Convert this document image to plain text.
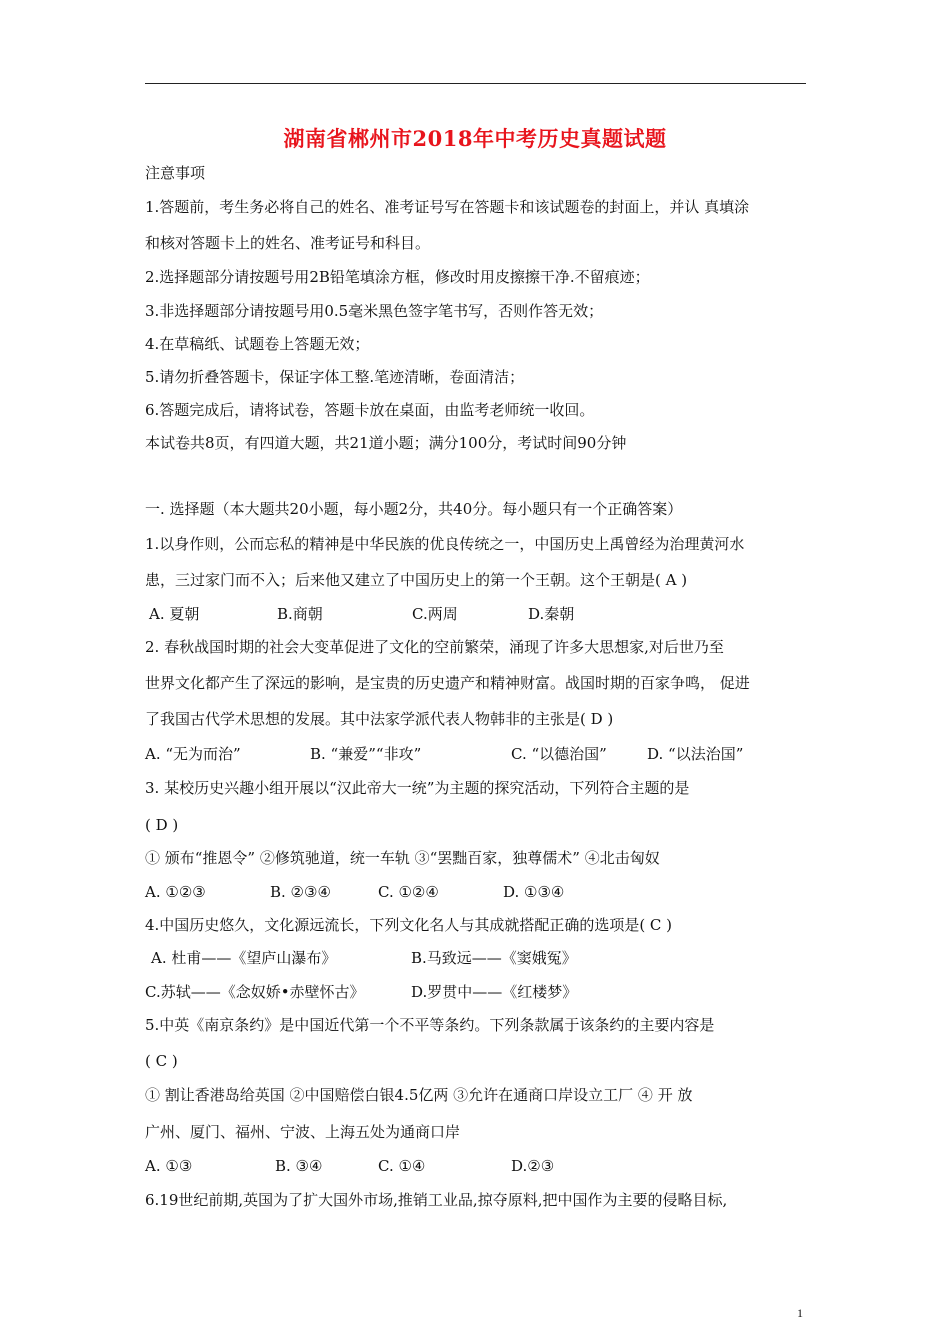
湖南省郴州市2018年中考历史真题试题
注意事项
1.答题前，考生务必将自己的姓名、准考证号写在答题卡和该试题卷的封面上，并认 真填涂
和核对答题卡上的姓名、准考证号和科目。
2.选择题部分请按题号用2B铅笔填涂方框，修改时用皮擦擦干净.不留痕迹；
3.非选择题部分请按题号用0.5毫米黑色签字笔书写，否则作答无效；
4.在草稿纸、试题卷上答题无效；
5.请勿折叠答题卡，保证字体工整.笔迹清晰，卷面清洁；
6.答题完成后，请将试卷，答题卡放在桌面，由监考老师统一收回。
本试卷共8页，有四道大题，共21道小题；满分100分，考试时间90分钟
一. 选择题（本大题共20小题，每小题2分，共40分。每小题只有一个正确答案）
1.以身作则，公而忘私的精神是中华民族的优良传统之一，中国历史上禹曾经为治理黄河水
患，三过家门而不入；后来他又建立了中国历史上的第一个王朝。这个王朝是( A )
A. 夏朝	B.商朝	C.两周	D.秦朝
2. 春秋战国时期的社会大变革促进了文化的空前繁荣，涌现了许多大思想家,对后世乃至
世界文化都产生了深远的影响，是宝贵的历史遗产和精神财富。战国时期的百家争鸣， 促进
了我国古代学术思想的发展。其中法家学派代表人物韩非的主张是( D )
A. “无为而治”	B. “兼爱”“非攻”	C. “以德治国”	D. “以法治国”
3. 某校历史兴趣小组开展以“汉此帝大一统”为主题的探究活动，下列符合主题的是
( D )
① 颁布“推恩令” ②修筑驰道，统一车轨 ③“罢黜百家，独尊儒术” ④北击匈奴
A. ①②③	B. ②③④	C. ①②④	D. ①③④
4.中国历史悠久，文化源远流长，下列文化名人与其成就搭配正确的选项是( C )
A. 杜甫——《望庐山瀑布》	B.马致远——《窦娥冤》
C.苏轼——《念奴娇•赤壁怀古》	D.罗贯中——《红楼梦》
5.中英《南京条约》是中国近代第一个不平等条约。下列条款属于该条约的主要内容是
( C )
① 割让香港岛给英国 ②中国赔偿白银4.5亿两 ③允许在通商口岸设立工厂 ④ 开 放
广州、厦门、福州、宁波、上海五处为通商口岸
A. ①③	B. ③④	C. ①④	D.②③
6.19世纪前期,英国为了扩大国外市场,推销工业品,掠夺原料,把中国作为主要的侵略目标,
1
